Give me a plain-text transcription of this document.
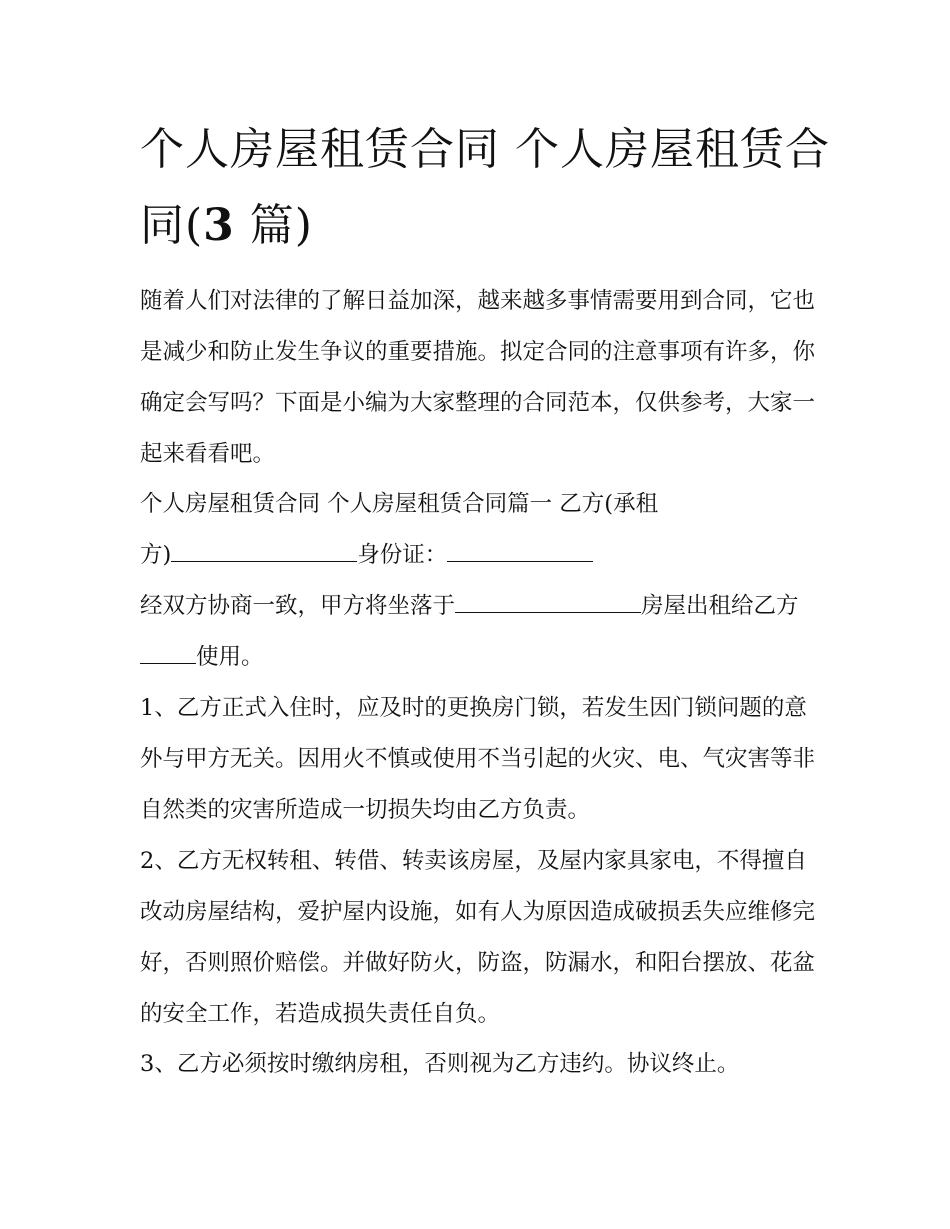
个人房屋租赁合同 个人房屋租赁合同(3 篇)

随着人们对法律的了解日益加深，越来越多事情需要用到合同，它也是减少和防止发生争议的重要措施。拟定合同的注意事项有许多，你确定会写吗？下面是小编为大家整理的合同范本，仅供参考，大家一起来看看吧。

个人房屋租赁合同 个人房屋租赁合同篇一 乙方(承租
方)	身份证：

经双方协商一致，甲方将坐落于	房屋出租给乙方使用。

1、乙方正式入住时，应及时的更换房门锁，若发生因门锁问题的意外与甲方无关。因用火不慎或使用不当引起的火灾、电、气灾害等非自然类的灾害所造成一切损失均由乙方负责。

2、乙方无权转租、转借、转卖该房屋，及屋内家具家电，不得擅自改动房屋结构，爱护屋内设施，如有人为原因造成破损丢失应维修完好，否则照价赔偿。并做好防火，防盗，防漏水，和阳台摆放、花盆的安全工作，若造成损失责任自负。

3、乙方必须按时缴纳房租，否则视为乙方违约。协议终止。
